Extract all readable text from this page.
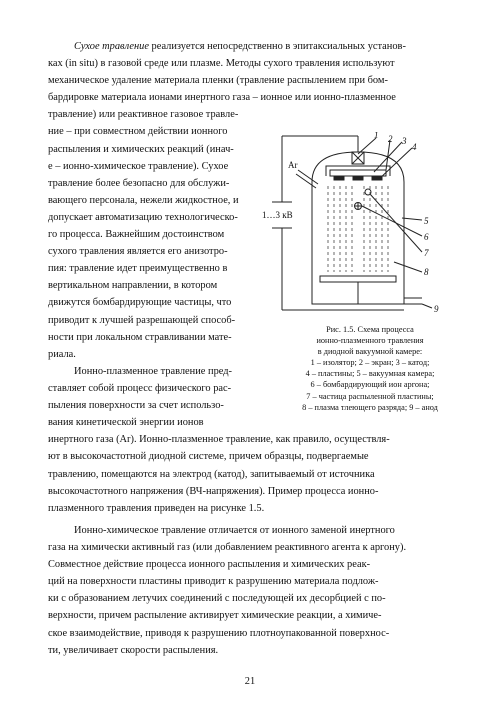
Сухое травление реализуется непосредственно в эпитаксиальных установ-
ках (in situ) в газовой среде или плазме. Методы сухого травления используют
механическое удаление материала пленки (травление распылением при бом-
бардировке материала ионами инертного газа – ионное или ионно-плазменное
травление) или реактивное газовое травле-
ние – при совместном действии ионного
распыления и химических реакций (инач-
е – ионно-химическое травление). Сухое
травление более безопасно для обслужи-
вающего персонала, нежели жидкостное, и
допускает автоматизацию технологическо-
го процесса. Важнейшим достоинством
сухого травления является его анизотро-
пия: травление идет преимущественно в
вертикальном направлении, в котором
движутся бомбардирующие частицы, что
приводит к лучшей разрешающей способ-
ности при локальном стравливании мате-
риала.

Ионно-плазменное травление пред-
ставляет собой процесс физического рас-
пыления поверхности за счет использо-
вания кинетической энергии ионов
инертного газа (Ar). Ионно-плазменное травление, как правило, осуществля-
ют в высокочастотной диодной системе, причем образцы, подвергаемые
травлению, помещаются на электрод (катод), запитываемый от источника
высокочастотного напряжения (ВЧ-напряжения). Пример процесса ионно-
плазменного травления приведен на рисунке 1.5.

Ионно-химическое травление отличается от ионного заменой инертного
газа на химически активный газ (или добавлением реактивного агента к аргону).
Совместное действие процесса ионного распыления и химических реак-
ций на поверхности пластины приводит к разрушению материала подлож-
ки с образованием летучих соединений с последующей их десорбцией с по-
верхности, причем распыление активирует химические реакции, а химиче-
ское взаимодействие, приводя к разрушению плотноупакованной поверхнос-
ти, увеличивает скорости распыления.

1 2 3
4
5
6
7
8
9
Ar
1…3 кВ
Рис. 1.5. Схема процесса
ионно-плазменного травления
в диодной вакуумной камере:
1 – изолятор; 2 – экран; 3 – катод;
4 – пластины; 5 – вакуумная камера;
6 – бомбардирующий ион аргона;
7 – частица распыленной пластины;
8 – плазма тлеющего разряда; 9 – анод
21
